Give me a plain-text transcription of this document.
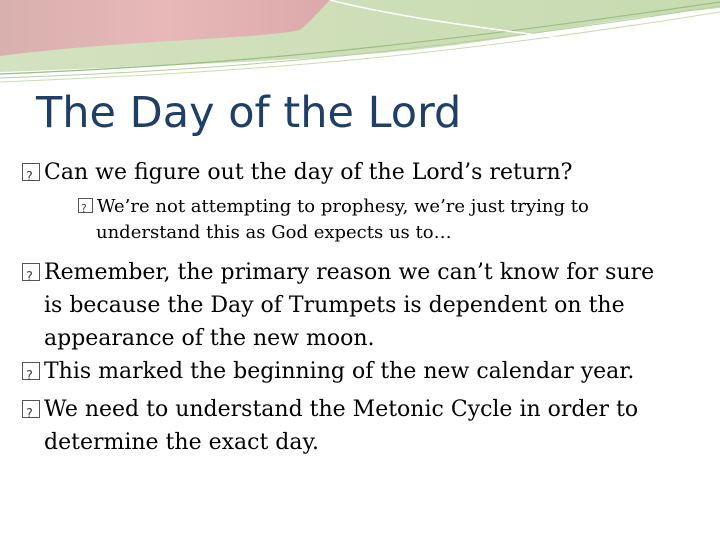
The Day of the Lord
?Can we figure out the day of the Lord’s return?
?We’re not attempting to prophesy, we’re just trying to
understand this as God expects us to…
?Remember, the primary reason we can’t know for sure
is because the Day of Trumpets is dependent on the
appearance of the new moon.
?This marked the beginning of the new calendar year.
?We need to understand the Metonic Cycle in order to
determine the exact day.
